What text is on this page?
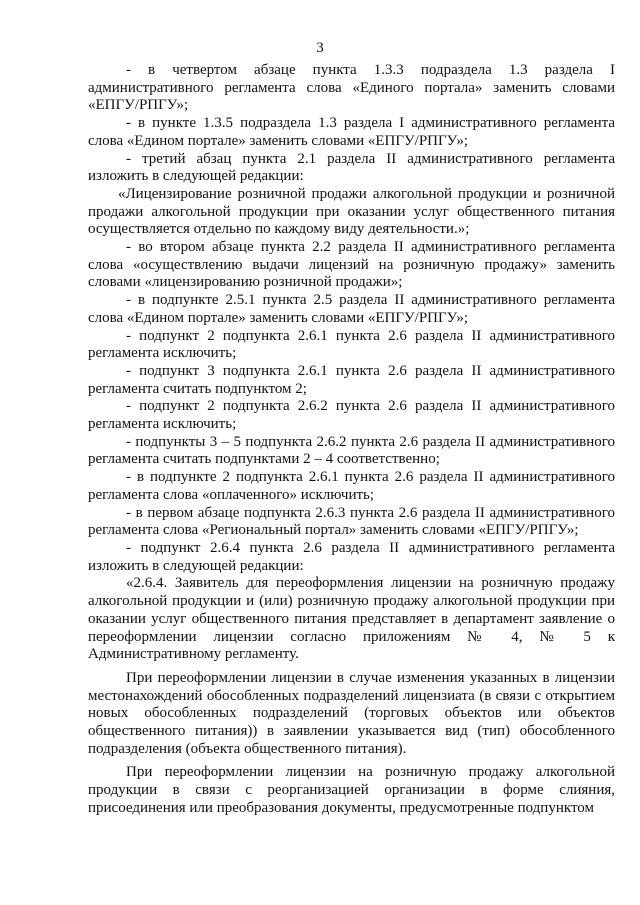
3

- в четвертом абзаце пункта 1.3.3 подраздела 1.3 раздела I административного регламента слова «Единого портала» заменить словами «ЕПГУ/РПГУ»;

- в пункте 1.3.5 подраздела 1.3 раздела I административного регламента слова «Едином портале» заменить словами «ЕПГУ/РПГУ»;

- третий абзац пункта 2.1 раздела II административного регламента изложить в следующей редакции:

«Лицензирование розничной продажи алкогольной продукции и розничной продажи алкогольной продукции при оказании услуг общественного питания осуществляется отдельно по каждому виду деятельности.»;

- во втором абзаце пункта 2.2 раздела II административного регламента слова «осуществлению выдачи лицензий на розничную продажу» заменить словами «лицензированию розничной продажи»;

- в подпункте 2.5.1 пункта 2.5 раздела II административного регламента слова «Едином портале» заменить словами «ЕПГУ/РПГУ»;

- подпункт 2 подпункта 2.6.1 пункта 2.6 раздела II административного регламента исключить;

- подпункт 3 подпункта 2.6.1 пункта 2.6 раздела II административного регламента считать подпунктом 2;

- подпункт 2 подпункта 2.6.2 пункта 2.6 раздела II административного регламента исключить;

- подпункты 3 – 5 подпункта 2.6.2 пункта 2.6 раздела II административного регламента считать подпунктами 2 – 4 соответственно;

- в подпункте 2 подпункта 2.6.1 пункта 2.6 раздела II административного регламента слова «оплаченного» исключить;

- в первом абзаце подпункта 2.6.3 пункта 2.6 раздела II административного регламента слова «Региональный портал» заменить словами «ЕПГУ/РПГУ»;

- подпункт 2.6.4 пункта 2.6 раздела II административного регламента изложить в следующей редакции:

«2.6.4. Заявитель для переоформления лицензии на розничную продажу алкогольной продукции и (или) розничную продажу алкогольной продукции при оказании услуг общественного питания представляет в департамент заявление о переоформлении лицензии согласно приложениям № 4, № 5 к Административному регламенту.

При переоформлении лицензии в случае изменения указанных в лицензии местонахождений обособленных подразделений лицензиата (в связи с открытием новых обособленных подразделений (торговых объектов или объектов общественного питания)) в заявлении указывается вид (тип) обособленного подразделения (объекта общественного питания).

При переоформлении лицензии на розничную продажу алкогольной продукции в связи с реорганизацией организации в форме слияния, присоединения или преобразования документы, предусмотренные подпунктом
